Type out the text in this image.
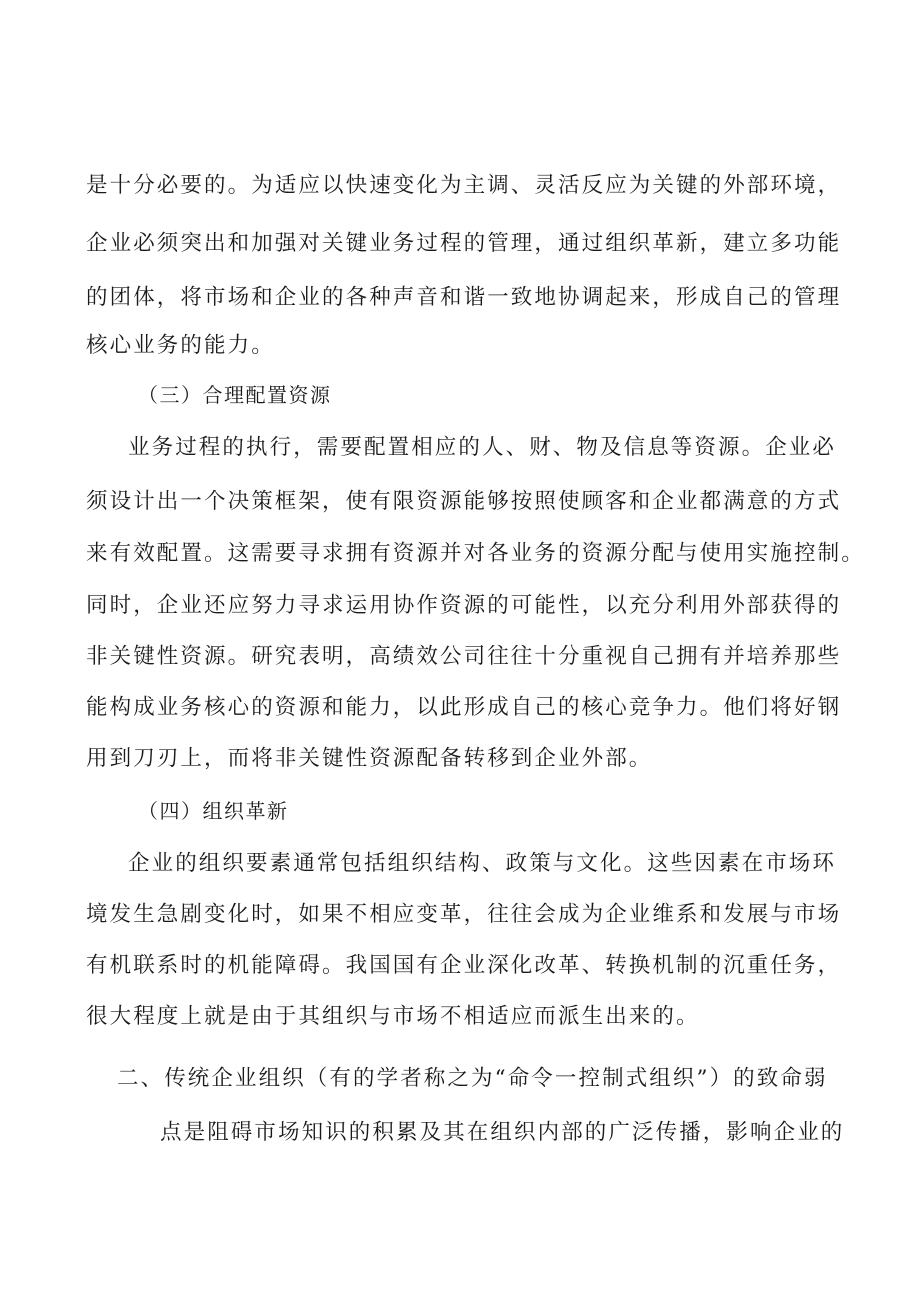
是十分必要的。为适应以快速变化为主调、灵活反应为关键的外部环境，
企业必须突出和加强对关键业务过程的管理，通过组织革新，建立多功能
的团体，将市场和企业的各种声音和谐一致地协调起来，形成自己的管理
核心业务的能力。
（三）合理配置资源
业务过程的执行，需要配置相应的人、财、物及信息等资源。企业必
须设计出一个决策框架，使有限资源能够按照使顾客和企业都满意的方式
来有效配置。这需要寻求拥有资源并对各业务的资源分配与使用实施控制。
同时，企业还应努力寻求运用协作资源的可能性，以充分利用外部获得的
非关键性资源。研究表明，高绩效公司往往十分重视自己拥有并培养那些
能构成业务核心的资源和能力，以此形成自己的核心竞争力。他们将好钢
用到刀刃上，而将非关键性资源配备转移到企业外部。
（四）组织革新
企业的组织要素通常包括组织结构、政策与文化。这些因素在市场环
境发生急剧变化时，如果不相应变革，往往会成为企业维系和发展与市场
有机联系时的机能障碍。我国国有企业深化改革、转换机制的沉重任务，
很大程度上就是由于其组织与市场不相适应而派生出来的。
二、传统企业组织（有的学者称之为“命令一控制式组织”）的致命弱
点是阻碍市场知识的积累及其在组织内部的广泛传播，影响企业的
